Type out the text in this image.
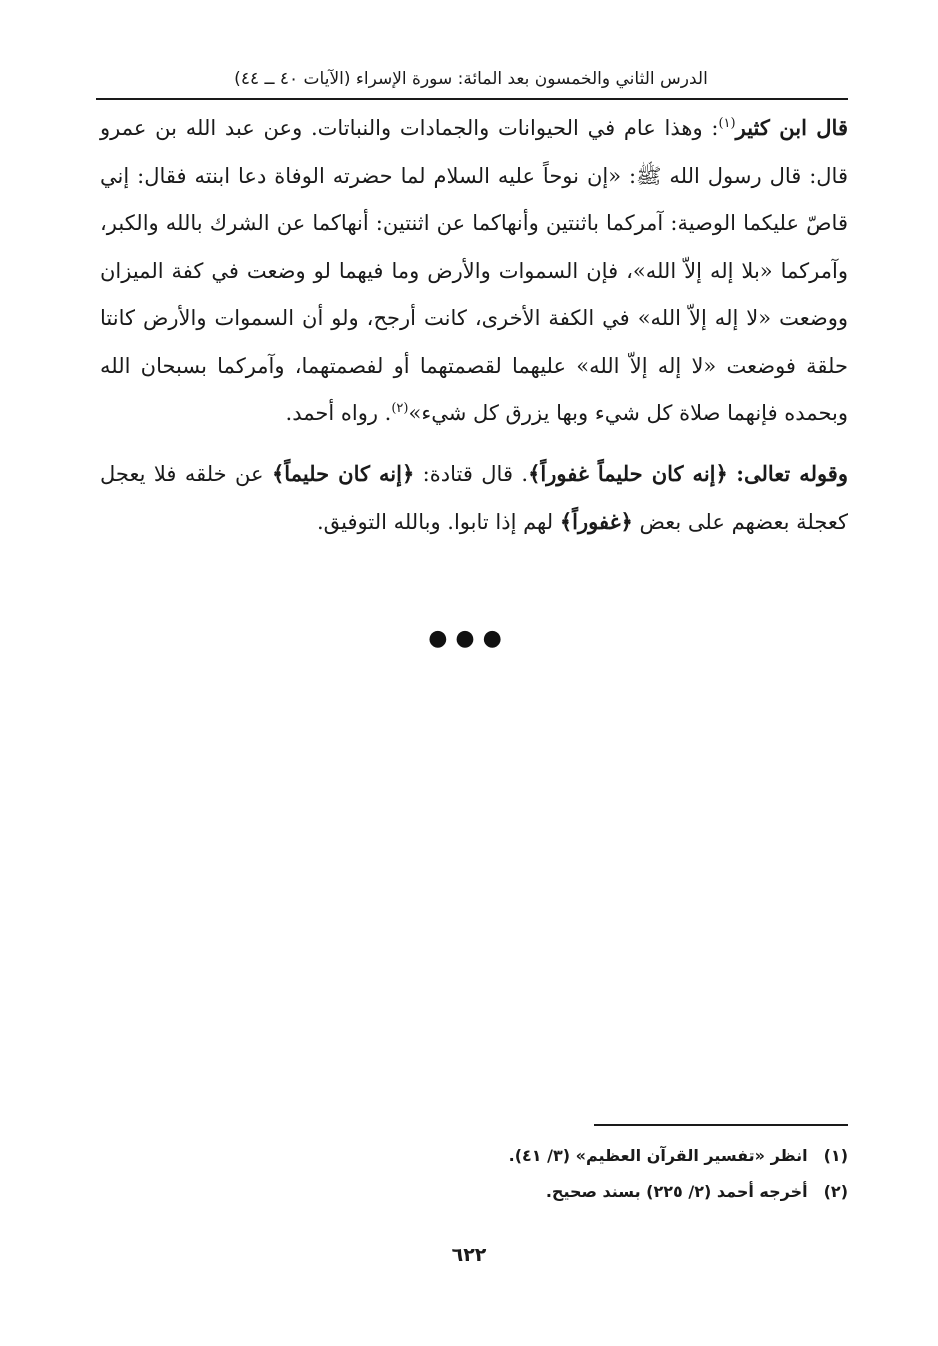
الدرس الثاني والخمسون بعد المائة: سورة الإسراء (الآيات ٤٠ ــ ٤٤)

قال ابن كثير$^{(١)}$: وهذا عام في الحيوانات والجمادات والنباتات. وعن عبد الله بن عمرو قال: قال رسول الله ﷺ: «إن نوحاً عليه السلام لما حضرته الوفاة دعا ابنته فقال: إني قاصّ عليكما الوصية: آمركما باثنتين وأنهاكما عن اثنتين: أنهاكما عن الشرك بالله والكبر، وآمركما «بلا إله إلاّ الله»، فإن السموات والأرض وما فيهما لو وضعت في كفة الميزان ووضعت «لا إله إلاّ الله» في الكفة الأخرى، كانت أرجح، ولو أن السموات والأرض كانتا حلقة فوضعت «لا إله إلاّ الله» عليهما لقصمتهما أو لفصمتهما، وآمركما بسبحان الله وبحمده فإنهما صلاة كل شيء وبها يزرق كل شيء»$^{(٢)}$. رواه أحمد.

وقوله تعالى: ﴿إنه كان حليماً غفوراً﴾. قال قتادة: ﴿إنه كان حليماً﴾ عن خلقه فلا يعجل كعجلة بعضهم على بعض ﴿غفوراً﴾ لهم إذا تابوا. وبالله التوفيق.

●●●
(١)انظر «تفسير القرآن العظيم» (٣/ ٤١).
(٢)أخرجه أحمد (٢/ ٢٢٥) بسند صحيح.
٦٢٢
